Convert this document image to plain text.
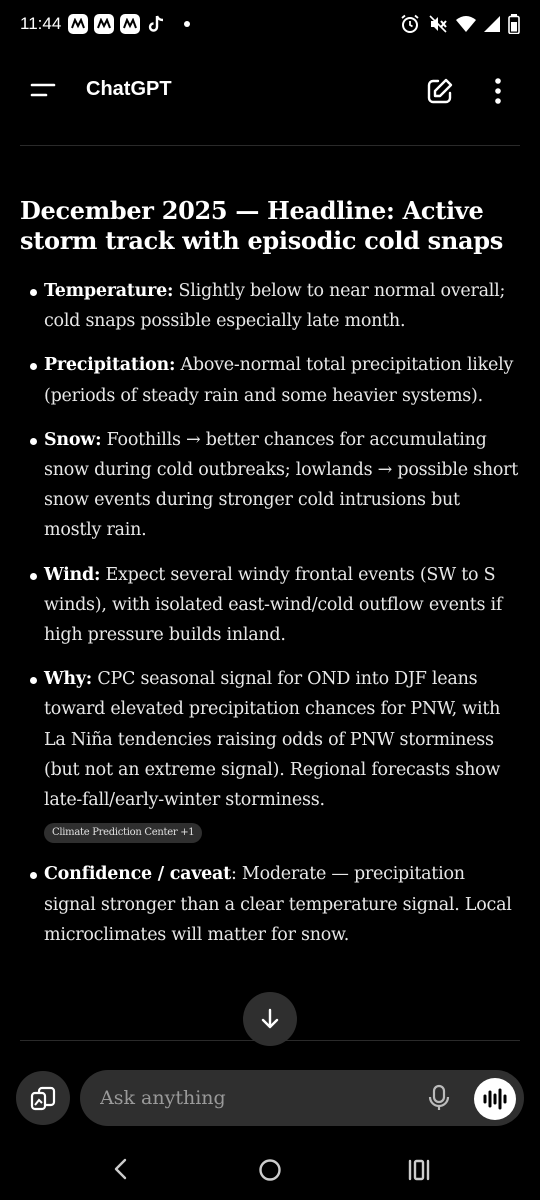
11:44
ChatGPT
December 2025 — Headline: Active storm track with episodic cold snaps
Temperature: Slightly below to near normal overall; cold snaps possible especially late month.
Precipitation: Above-normal total precipitation likely (periods of steady rain and some heavier systems).
Snow: Foothills → better chances for accumulating snow during cold outbreaks; lowlands → possible short snow events during stronger cold intrusions but mostly rain.
Wind: Expect several windy frontal events (SW to S winds), with isolated east-wind/cold outflow events if high pressure builds inland.
Why: CPC seasonal signal for OND into DJF leans toward elevated precipitation chances for PNW, with La Niña tendencies raising odds of PNW storminess (but not an extreme signal). Regional forecasts show late-fall/early-winter storminess.
Climate Prediction Center +1
Confidence / caveat: Moderate — precipitation signal stronger than a clear temperature signal. Local microclimates will matter for snow.
Ask anything
